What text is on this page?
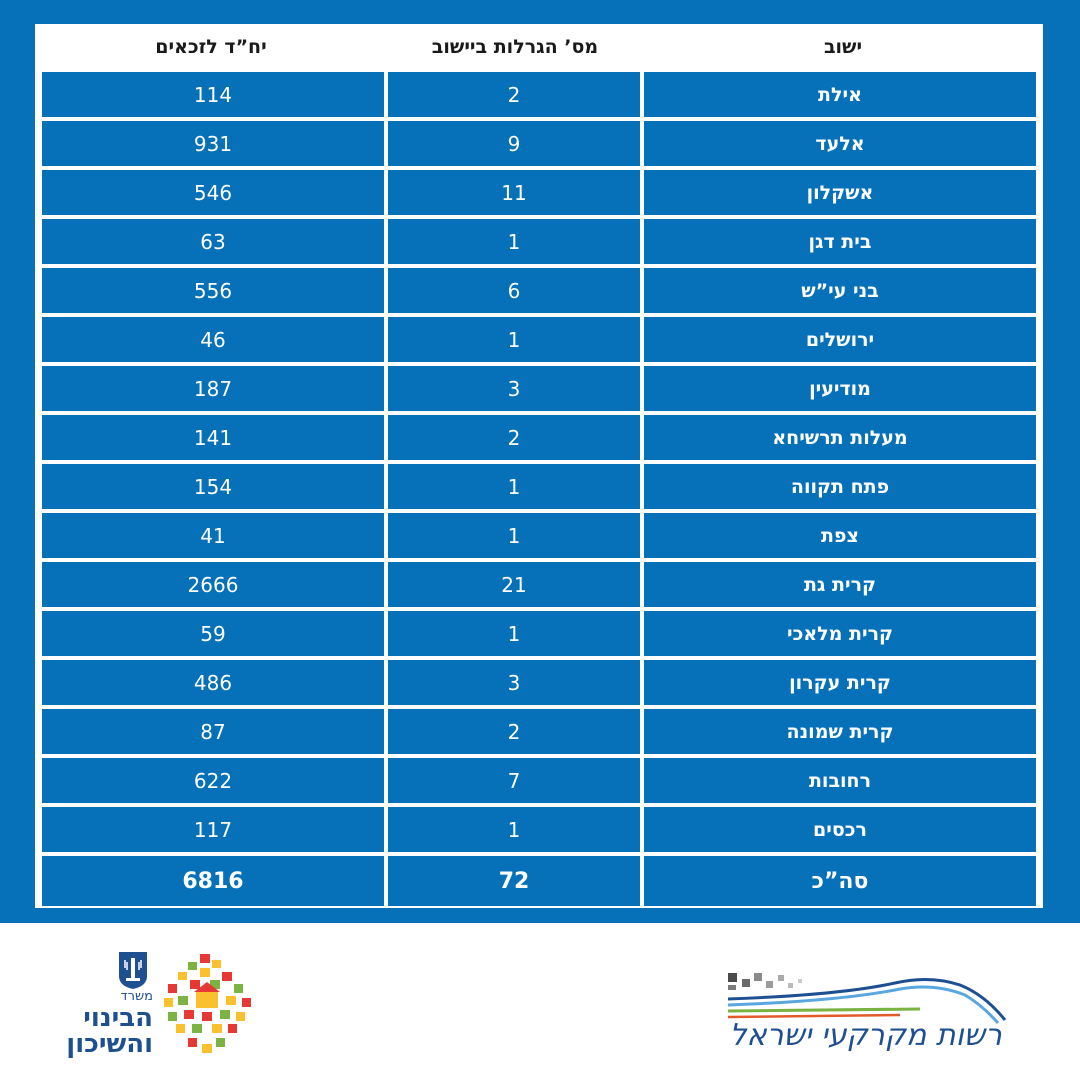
ישוב
מס’ הגרלות ביישוב
יח”ד לזכאים
אילת
2
114
אלעד
9
931
אשקלון
11
546
בית דגן
1
63
בני עי”ש
6
556
ירושלים
1
46
מודיעין
3
187
מעלות תרשיחא
2
141
פתח תקווה
1
154
צפת
1
41
קרית גת
21
2666
קרית מלאכי
1
59
קרית עקרון
3
486
קרית שמונה
2
87
רחובות
7
622
רכסים
1
117
סה”כ
72
6816
רשות מקרקעי ישראל
משרד
הבינוי
והשיכון
